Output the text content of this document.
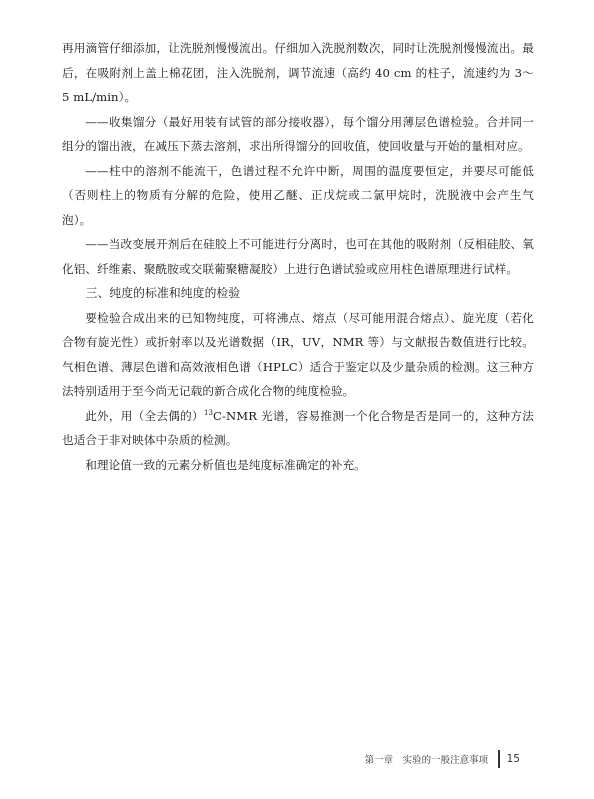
再用滴管仔细添加，让洗脱剂慢慢流出。仔细加入洗脱剂数次，同时让洗脱剂慢慢流出。最后，在吸附剂上盖上棉花团，注入洗脱剂，调节流速（高约 40 cm 的柱子，流速约为 3～5 mL/min）。

——收集馏分（最好用装有试管的部分接收器），每个馏分用薄层色谱检验。合并同一组分的馏出液，在减压下蒸去溶剂，求出所得馏分的回收值，使回收量与开始的量相对应。

——柱中的溶剂不能流干，色谱过程不允许中断，周围的温度要恒定，并要尽可能低（否则柱上的物质有分解的危险，使用乙醚、正戊烷或二氯甲烷时，洗脱液中会产生气泡）。

——当改变展开剂后在硅胶上不可能进行分离时，也可在其他的吸附剂（反相硅胶、氧化铝、纤维素、聚酰胺或交联葡聚糖凝胶）上进行色谱试验或应用柱色谱原理进行试样。

三、纯度的标准和纯度的检验

要检验合成出来的已知物纯度，可将沸点、熔点（尽可能用混合熔点）、旋光度（若化合物有旋光性）或折射率以及光谱数据（IR，UV，NMR 等）与文献报告数值进行比较。气相色谱、薄层色谱和高效液相色谱（HPLC）适合于鉴定以及少量杂质的检测。这三种方法特别适用于至今尚无记载的新合成化合物的纯度检验。

此外，用（全去偶的）$^{13}$C-NMR 光谱，容易推测一个化合物是否是同一的，这种方法也适合于非对映体中杂质的检测。

和理论值一致的元素分析值也是纯度标准确定的补充。

第一章　实验的一般注意事项 15
